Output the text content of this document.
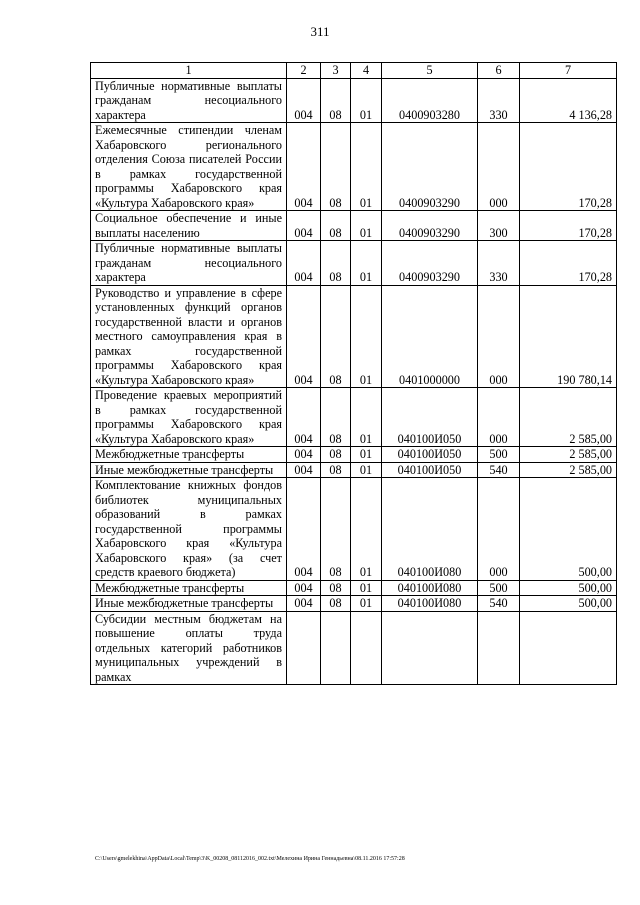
311
1	2	3	4	5	6	7
Публичные нормативные выплаты гражданам несоциального характера	004	08	01	0400903280	330	4 136,28
Ежемесячные стипендии членам Хабаровского регионального отделения Союза писателей России в рамках государственной программы Хабаровского края «Культура Хабаровского края»	004	08	01	0400903290	000	170,28
Социальное обеспечение и иные выплаты населению	004	08	01	0400903290	300	170,28
Публичные нормативные выплаты гражданам несоциального характера	004	08	01	0400903290	330	170,28
Руководство и управление в сфере установленных функций органов государственной власти и органов местного самоуправления края в рамках государственной программы Хабаровского края «Культура Хабаровского края»	004	08	01	0401000000	000	190 780,14
Проведение краевых мероприятий в рамках государственной программы Хабаровского края «Культура Хабаровского края»	004	08	01	040100И050	000	2 585,00
Межбюджетные трансферты	004	08	01	040100И050	500	2 585,00
Иные межбюджетные трансферты	004	08	01	040100И050	540	2 585,00
Комплектование книжных фондов библиотек муниципальных образований в рамках государственной программы Хабаровского края «Культура Хабаровского края» (за счет средств краевого бюджета)	004	08	01	040100И080	000	500,00
Межбюджетные трансферты	004	08	01	040100И080	500	500,00
Иные межбюджетные трансферты	004	08	01	040100И080	540	500,00
Субсидии местным бюджетам на повышение оплаты труда отдельных категорий работников муниципальных учреждений в рамках						
C:\Users\gmelekhina\AppData\Local\Temp\3\K_00208_08112016_002.txt\Мелехина Ирина Геннадьевна\08.11.2016 17:57:28
